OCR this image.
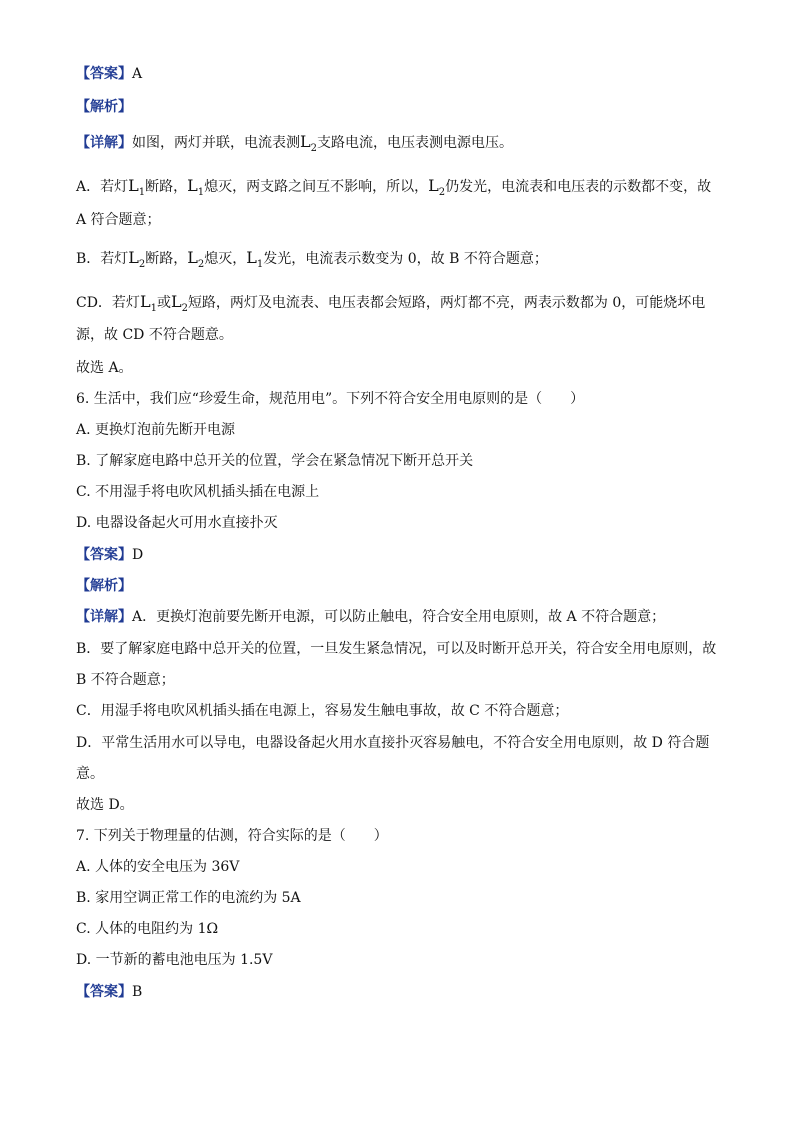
【答案】A
【解析】
【详解】如图，两灯并联，电流表测$L_2$支路电流，电压表测电源电压。
A．若灯$L_1$断路，$L_1$熄灭，两支路之间互不影响，所以，$L_2$仍发光，电流表和电压表的示数都不变，故
A 符合题意；
B．若灯$L_2$断路，$L_2$熄灭，$L_1$发光，电流表示数变为 0，故 B 不符合题意；
CD．若灯$L_1$或$L_2$短路，两灯及电流表、电压表都会短路，两灯都不亮，两表示数都为 0，可能烧坏电
源，故 CD 不符合题意。
故选 A。
6. 生活中，我们应“珍爱生命，规范用电”。下列不符合安全用电原则的是（　　）
A. 更换灯泡前先断开电源
B. 了解家庭电路中总开关的位置，学会在紧急情况下断开总开关
C. 不用湿手将电吹风机插头插在电源上
D. 电器设备起火可用水直接扑灭
【答案】D
【解析】
【详解】A．更换灯泡前要先断开电源，可以防止触电，符合安全用电原则，故 A 不符合题意；
B．要了解家庭电路中总开关的位置，一旦发生紧急情况，可以及时断开总开关，符合安全用电原则，故
B 不符合题意；
C．用湿手将电吹风机插头插在电源上，容易发生触电事故，故 C 不符合题意；
D．平常生活用水可以导电，电器设备起火用水直接扑灭容易触电，不符合安全用电原则，故 D 符合题
意。
故选 D。
7. 下列关于物理量的估测，符合实际的是（　　）
A. 人体的安全电压为 36V
B. 家用空调正常工作的电流约为 5A
C. 人体的电阻约为 1Ω
D. 一节新的蓄电池电压为 1.5V
【答案】B
